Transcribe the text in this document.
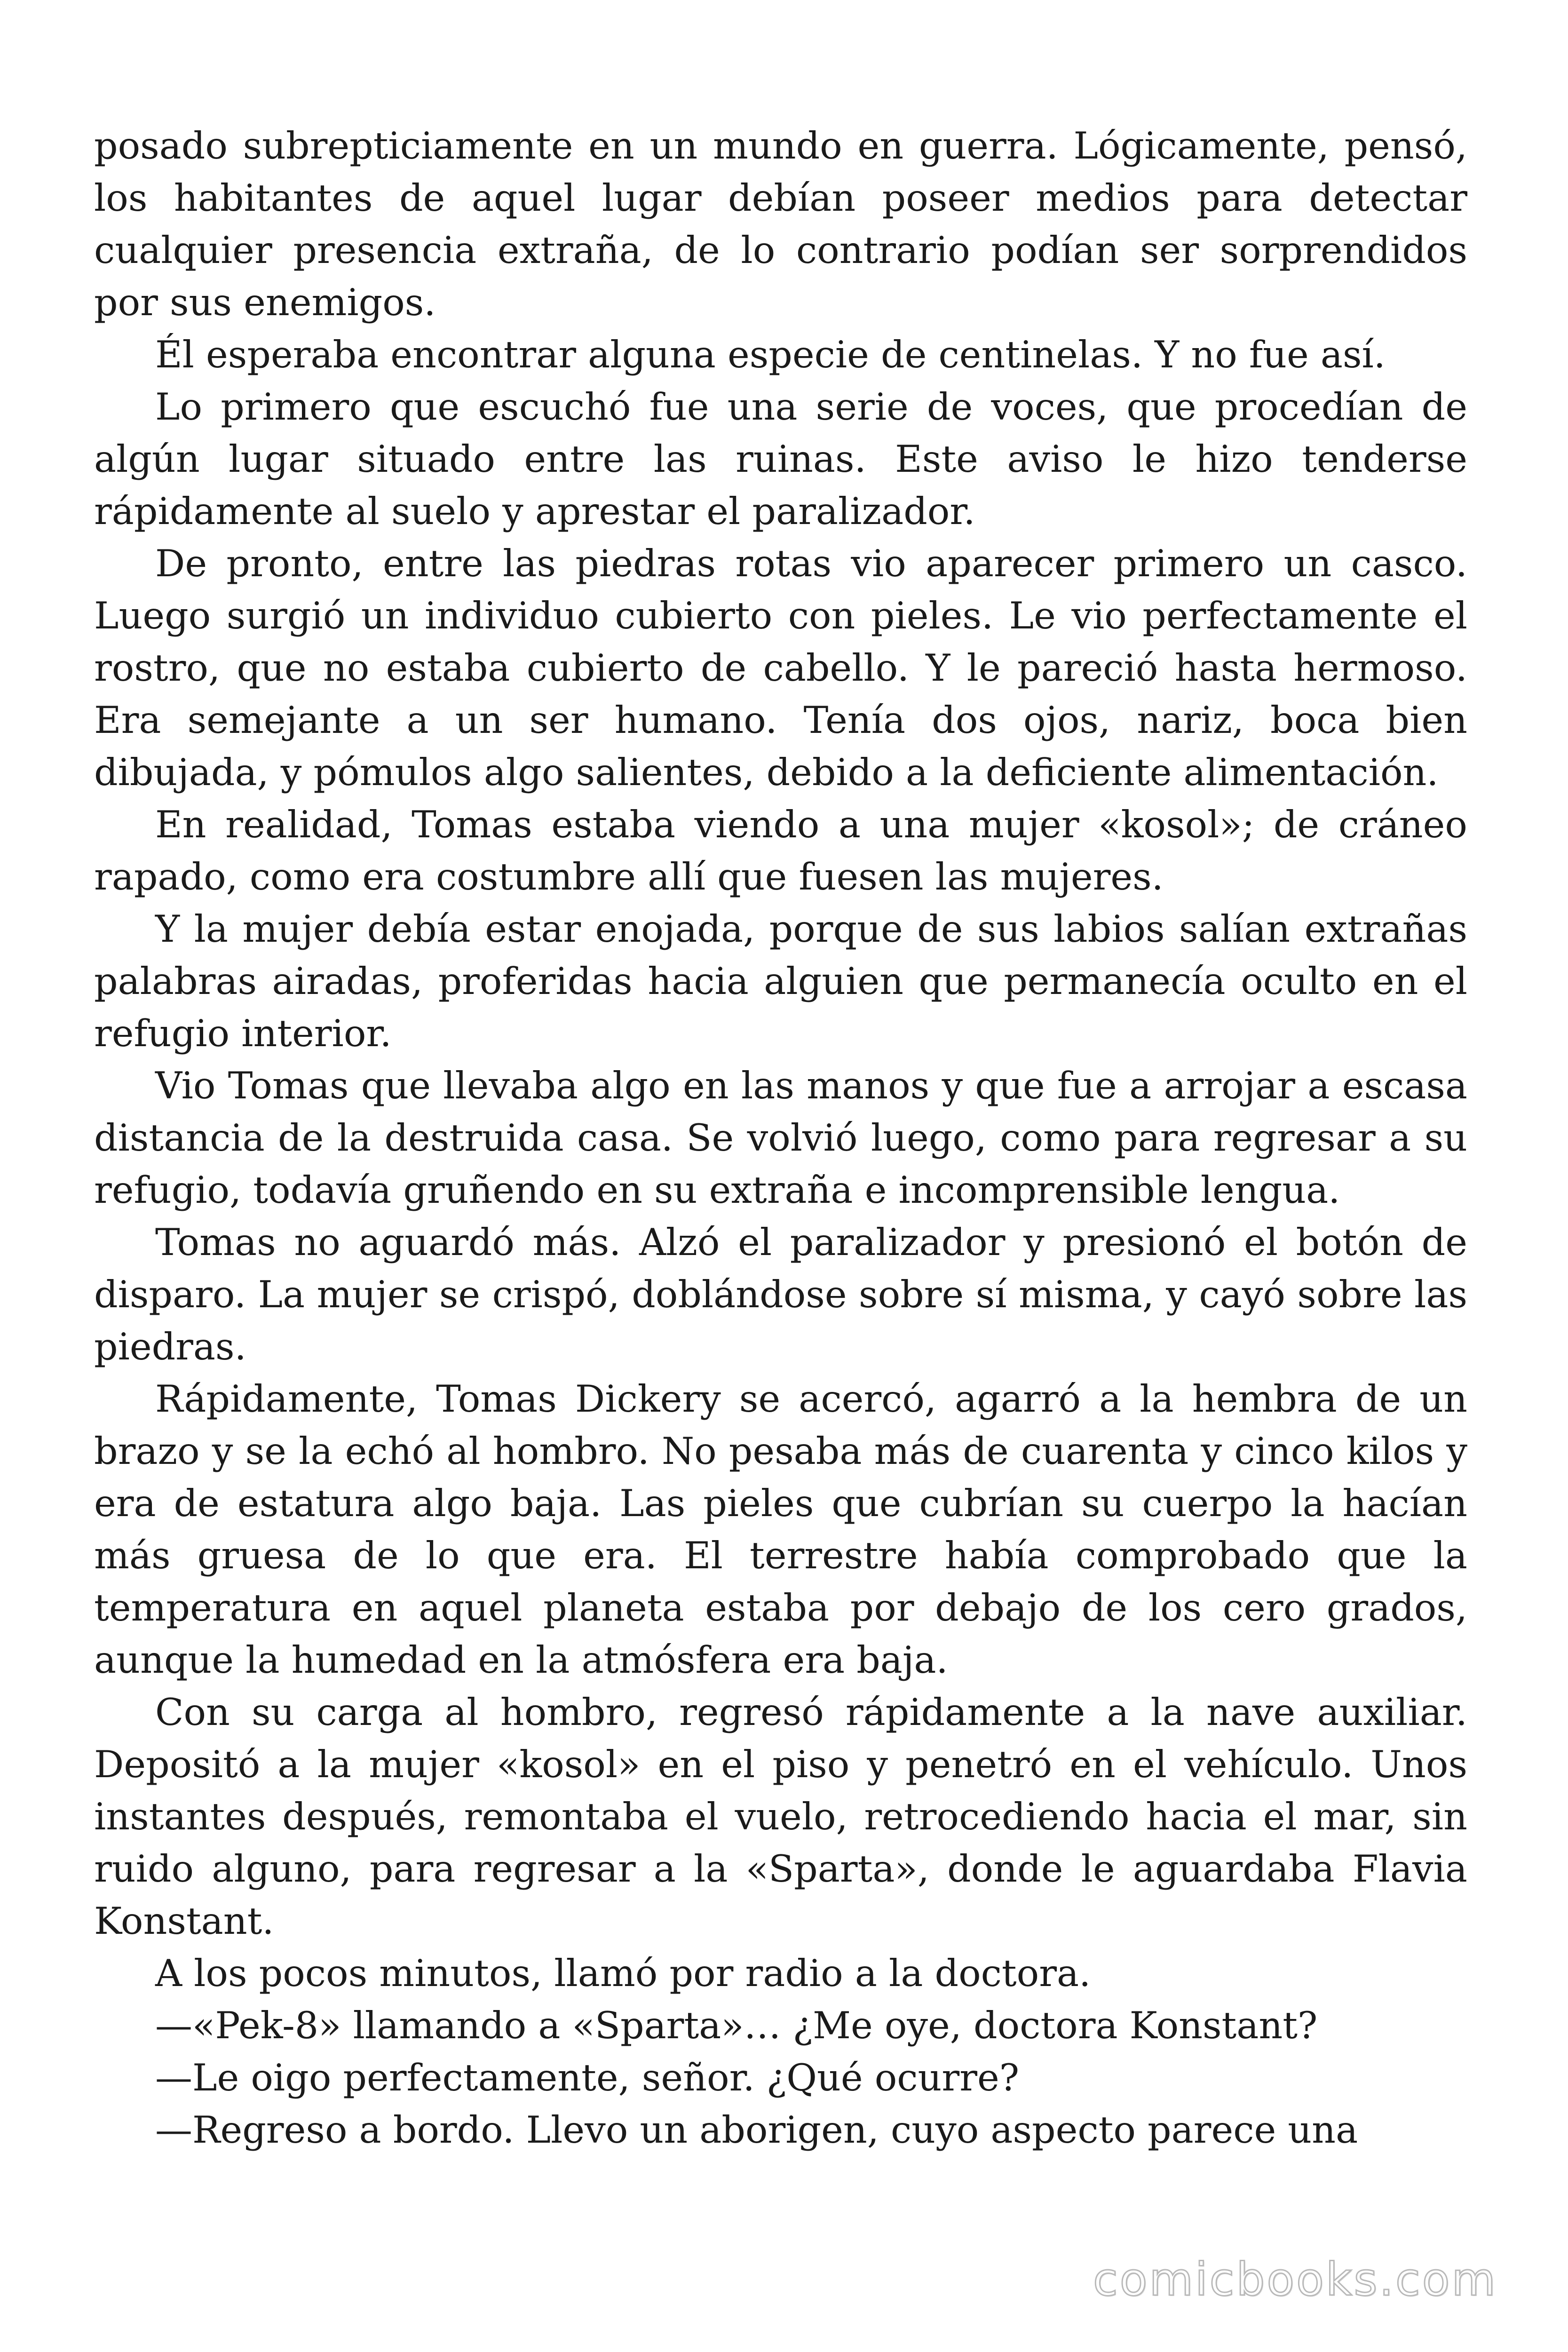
posado subrepticiamente en un mundo en guerra. Lógicamente, pensó, los habitantes de aquel lugar debían poseer medios para detectar cualquier presencia extraña, de lo contrario podían ser sorprendidos por sus enemigos.

Él esperaba encontrar alguna especie de centinelas. Y no fue así.

Lo primero que escuchó fue una serie de voces, que procedían de algún lugar situado entre las ruinas. Este aviso le hizo tenderse rápidamente al suelo y aprestar el paralizador.

De pronto, entre las piedras rotas vio aparecer primero un casco. Luego surgió un individuo cubierto con pieles. Le vio perfectamente el rostro, que no estaba cubierto de cabello. Y le pareció hasta hermoso. Era semejante a un ser humano. Tenía dos ojos, nariz, boca bien dibujada, y pómulos algo salientes, debido a la deficiente alimentación.

En realidad, Tomas estaba viendo a una mujer «kosol»; de cráneo rapado, como era costumbre allí que fuesen las mujeres.

Y la mujer debía estar enojada, porque de sus labios salían extrañas palabras airadas, proferidas hacia alguien que permanecía oculto en el refugio interior.

Vio Tomas que llevaba algo en las manos y que fue a arrojar a escasa distancia de la destruida casa. Se volvió luego, como para regresar a su refugio, todavía gruñendo en su extraña e incomprensible lengua.

Tomas no aguardó más. Alzó el paralizador y presionó el botón de disparo. La mujer se crispó, doblándose sobre sí misma, y cayó sobre las piedras.

Rápidamente, Tomas Dickery se acercó, agarró a la hembra de un brazo y se la echó al hombro. No pesaba más de cuarenta y cinco kilos y era de estatura algo baja. Las pieles que cubrían su cuerpo la hacían más gruesa de lo que era. El terrestre había comprobado que la temperatura en aquel planeta estaba por debajo de los cero grados, aunque la humedad en la atmósfera era baja.

Con su carga al hombro, regresó rápidamente a la nave auxiliar. Depositó a la mujer «kosol» en el piso y penetró en el vehículo. Unos instantes después, remontaba el vuelo, retrocediendo hacia el mar, sin ruido alguno, para regresar a la «Sparta», donde le aguardaba Flavia Konstant.

A los pocos minutos, llamó por radio a la doctora.

—«Pek-8» llamando a «Sparta»… ¿Me oye, doctora Konstant?

—Le oigo perfectamente, señor. ¿Qué ocurre?

—Regreso a bordo. Llevo un aborigen, cuyo aspecto parece una

comicbooks.com
